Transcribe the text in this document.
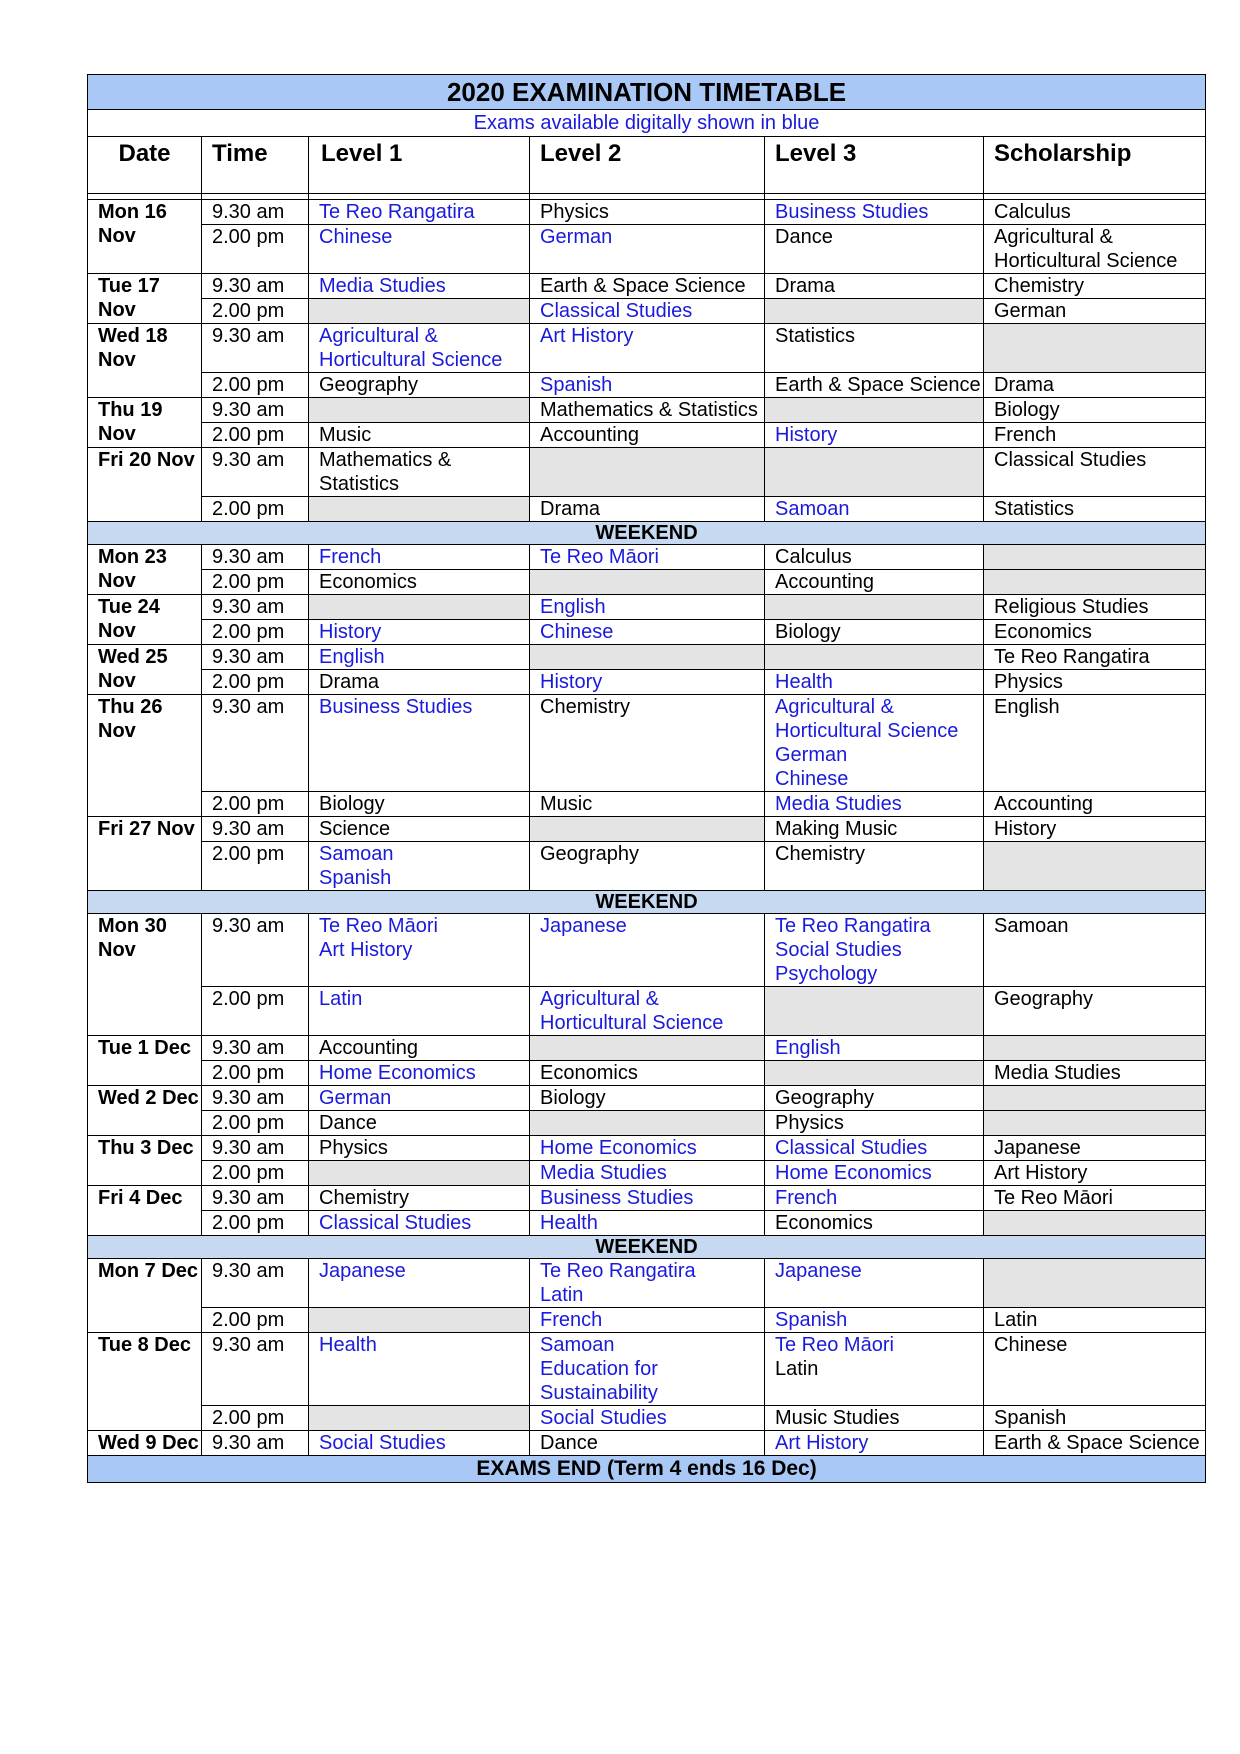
2020 EXAMINATION TIMETABLE					
Exams available digitally shown in blue					
Date	Time	Level 1	Level 2	Level 3	Scholarship

Mon 16 Nov	9.30 am	Te Reo Rangatira	Physics	Business Studies	Calculus

	2.00 pm	Chinese	German	Dance	Agricultural & Horticultural Science

Tue 17 Nov	9.30 am	Media Studies	Earth & Space Science	Drama	Chemistry

	2.00 pm		Classical Studies		German

Wed 18 Nov	9.30 am	Agricultural & Horticultural Science	Art History	Statistics	

	2.00 pm	Geography	Spanish	Earth & Space Science	Drama

Thu 19 Nov	9.30 am		Mathematics & Statistics		Biology

	2.00 pm	Music	Accounting	History	French

Fri 20 Nov	9.30 am	Mathematics & Statistics			Classical Studies

	2.00 pm		Drama	Samoan	Statistics

WEEKEND					
Mon 23 Nov	9.30 am	French	Te Reo Māori	Calculus	

	2.00 pm	Economics		Accounting	

Tue 24 Nov	9.30 am		English		Religious Studies

	2.00 pm	History	Chinese	Biology	Economics

Wed 25 Nov	9.30 am	English			Te Reo Rangatira

	2.00 pm	Drama	History	Health	Physics

Thu 26 Nov	9.30 am	Business Studies	Chemistry	Agricultural & Horticultural Science
German
Chinese	English

	2.00 pm	Biology	Music	Media Studies	Accounting

Fri 27 Nov	9.30 am	Science		Making Music	History

	2.00 pm	Samoan
Spanish	Geography	Chemistry	

WEEKEND					
Mon 30 Nov	9.30 am	Te Reo Māori
Art History	Japanese	Te Reo Rangatira
Social Studies
Psychology	Samoan

	2.00 pm	Latin	Agricultural & Horticultural Science		Geography

Tue 1 Dec	9.30 am	Accounting		English	

	2.00 pm	Home Economics	Economics		Media Studies

Wed 2 Dec	9.30 am	German	Biology	Geography	

	2.00 pm	Dance		Physics	

Thu 3 Dec	9.30 am	Physics	Home Economics	Classical Studies	Japanese

	2.00 pm		Media Studies	Home Economics	Art History

Fri 4 Dec	9.30 am	Chemistry	Business Studies	French	Te Reo Māori

	2.00 pm	Classical Studies	Health	Economics	

WEEKEND					
Mon 7 Dec	9.30 am	Japanese	Te Reo Rangatira
Latin	Japanese	

	2.00 pm		French	Spanish	Latin

Tue 8 Dec	9.30 am	Health	Samoan
Education for Sustainability	Te Reo Māori
Latin	Chinese

	2.00 pm		Social Studies	Music Studies	Spanish

Wed 9 Dec	9.30 am	Social Studies	Dance	Art History	Earth & Space Science

EXAMS END (Term 4 ends 16 Dec)					
